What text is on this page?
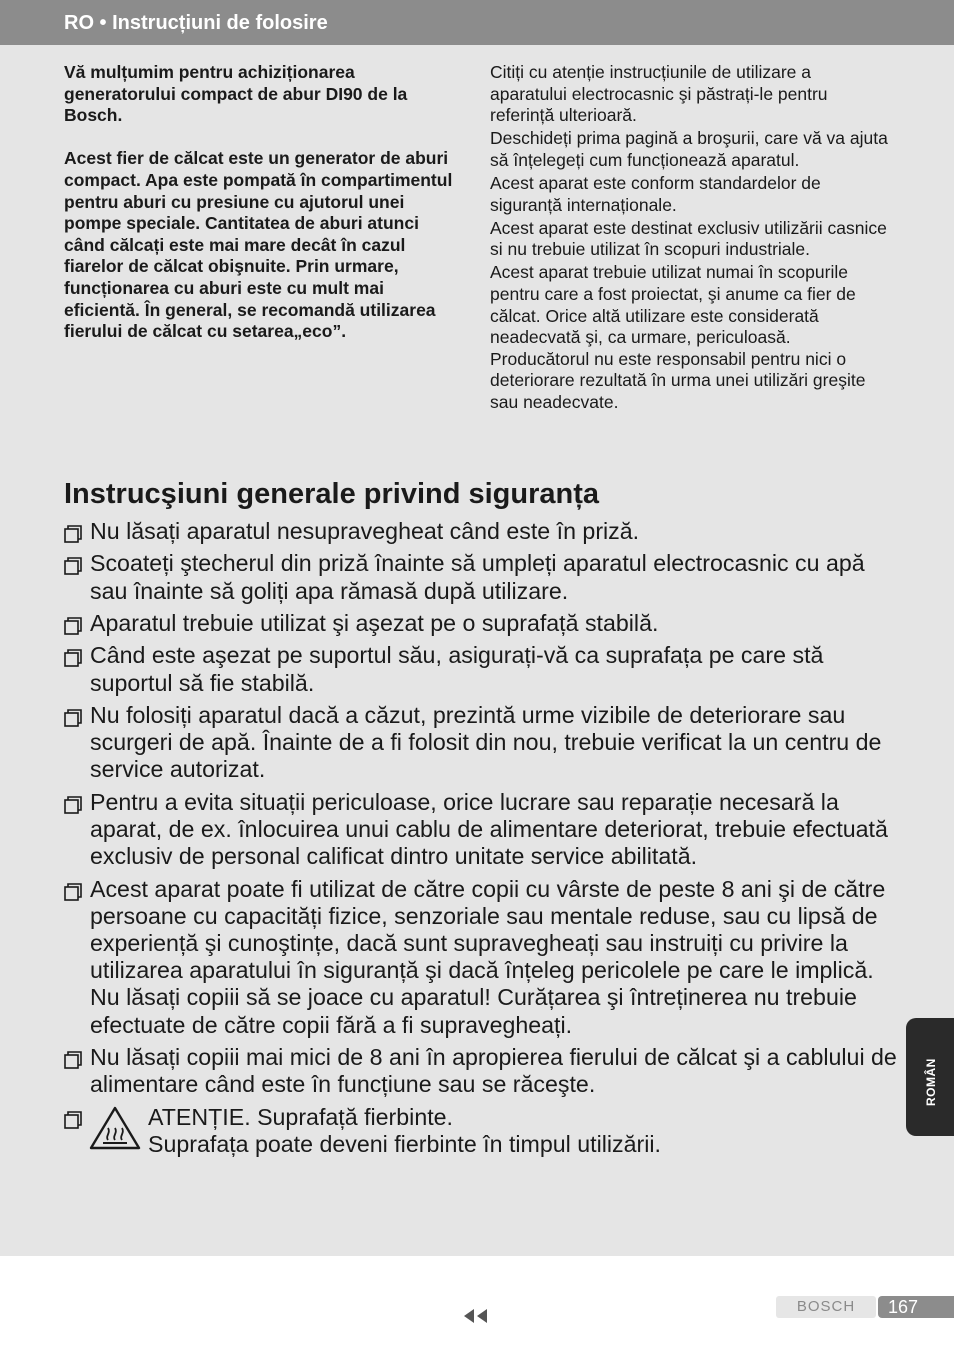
RO • Instrucțiuni de folosire

Vă mulțumim pentru achiziționarea generatorului compact de abur DI90 de la Bosch.

Acest fier de călcat este un generator de aburi compact. Apa este pompată în compartimentul pentru aburi cu presiune cu ajutorul unei pompe speciale. Cantitatea de aburi atunci când călcați este mai mare decât în cazul fiarelor de călcat obişnuite. Prin urmare, funcționarea cu aburi este cu mult mai eficientă. În general, se recomandă utilizarea fierului de călcat cu setarea„eco”.

Citiți cu atenție instrucțiunile de utilizare a aparatului electrocasnic şi păstrați-le pentru referință ulterioară.

Deschideți prima pagină a broşurii, care vă va ajuta să înțelegeți cum funcționează aparatul.

Acest aparat este conform standardelor de siguranță internaționale.

Acest aparat este destinat exclusiv utilizării casnice si nu trebuie utilizat în scopuri industriale.

Acest aparat trebuie utilizat numai în scopurile pentru care a fost proiectat, şi anume ca fier de călcat. Orice altă utilizare este considerată neadecvată şi, ca urmare, periculoasă. Producătorul nu este responsabil pentru nici o deteriorare rezultată în urma unei utilizări greşite sau neadecvate.

Instrucşiuni generale privind siguranța
Nu lăsați aparatul nesupravegheat când este în priză.
Scoateți ştecherul din priză înainte să umpleți aparatul electrocasnic cu apă sau înainte să goliți apa rămasă după utilizare.
Aparatul trebuie utilizat şi aşezat pe o suprafață stabilă.
Când este aşezat pe suportul său, asigurați-vă ca suprafața pe care stă suportul să fie stabilă.
Nu folosiți aparatul dacă a căzut, prezintă urme vizibile de deteriorare sau scurgeri de apă. Înainte de a fi folosit din nou, trebuie verificat la un centru de service autorizat.
Pentru a evita situații periculoase, orice lucrare sau reparație necesară la aparat, de ex. înlocuirea unui cablu de alimentare deteriorat, trebuie efectuată exclusiv de personal calificat dintro unitate service abilitată.
Acest aparat poate fi utilizat de către copii cu vârste de peste 8 ani şi de către persoane cu capacități fizice, senzoriale sau mentale reduse, sau cu lipsă de experiență şi cunoştințe, dacă sunt supravegheați sau instruiți cu privire la utilizarea aparatului în siguranță şi dacă înțeleg pericolele pe care le implică. Nu lăsați copiii să se joace cu aparatul! Curățarea şi întreținerea nu trebuie efectuate de către copii fără a fi supravegheați.
Nu lăsați copiii mai mici de 8 ani în apropierea fierului de călcat şi a cablului de alimentare când este în funcțiune sau se răceşte.
ATENȚIE. Suprafață fierbinte.
Suprafața poate deveni fierbinte în timpul utilizării.
ROMÂN
BOSCH	167
